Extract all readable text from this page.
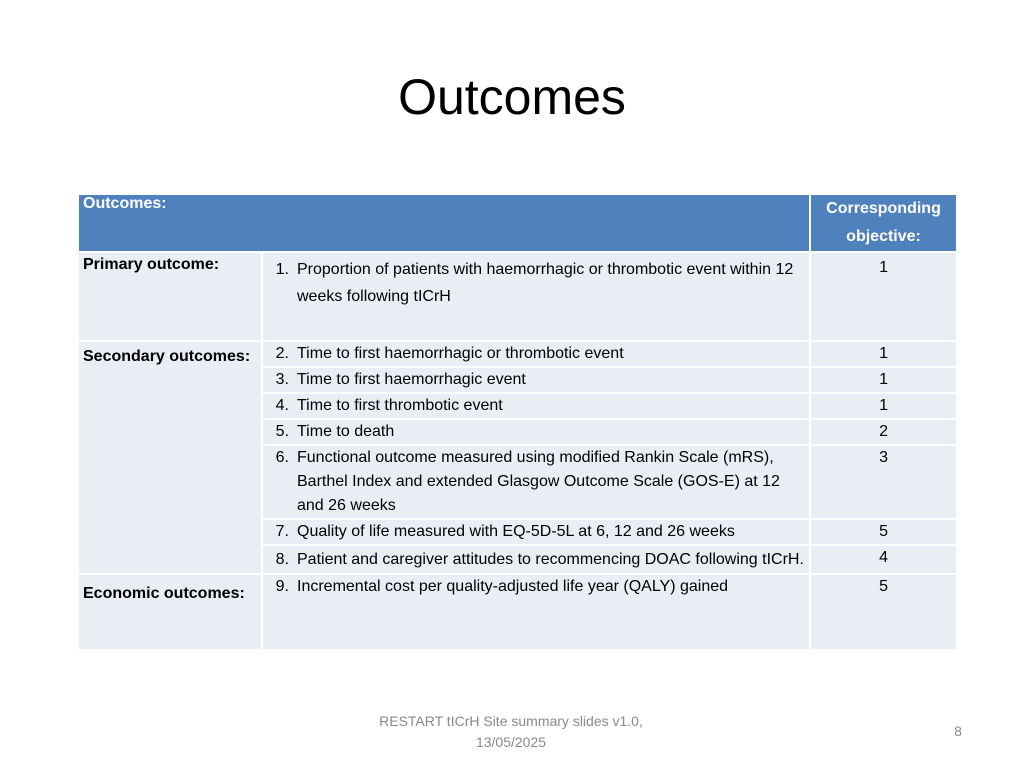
Outcomes
Outcomes:		Corresponding objective:
Primary outcome:	1. Proportion of patients with haemorrhagic or thrombotic event within 12 weeks following tICrH	1

Secondary outcomes:	2. Time to first haemorrhagic or thrombotic event	1

	3. Time to first haemorrhagic event	1

	4. Time to first thrombotic event	1

	5. Time to death	2

	6. Functional outcome measured using modified Rankin Scale (mRS), Barthel Index and extended Glasgow Outcome Scale (GOS-E) at 12 and 26 weeks	3

	7. Quality of life measured with EQ-5D-5L at 6, 12 and 26 weeks	5

	8. Patient and caregiver attitudes to recommencing DOAC following tICrH.	4

Economic outcomes:	9. Incremental cost per quality-adjusted life year (QALY) gained	5
RESTART tICrH Site summary slides v1.0, 13/05/2025
8
